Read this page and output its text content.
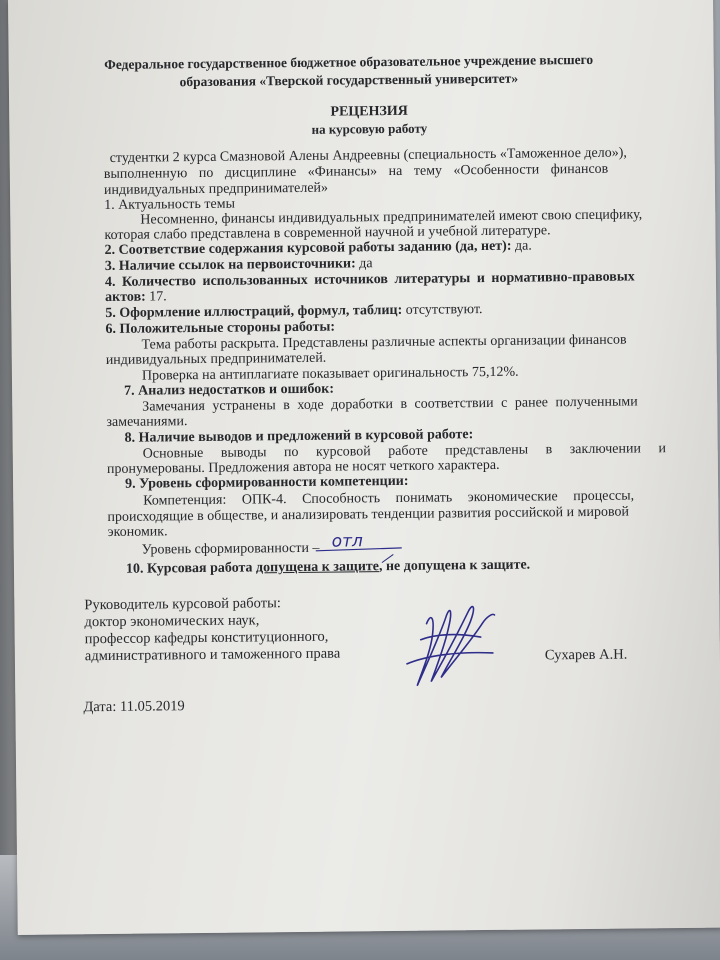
Федеральное государственное бюджетное образовательное учреждение высшего
образования «Тверской государственный университет»
РЕЦЕНЗИЯ
на курсовую работу
студентки 2 курса Смазновой Алены Андреевны (специальность «Таможенное дело»),
выполненную по дисциплине «Финансы» на тему «Особенности финансов
индивидуальных предпринимателей»
1. Актуальность темы
Несомненно, финансы индивидуальных предпринимателей имеют свою специфику,
которая слабо представлена в современной научной и учебной литературе.
2. Соответствие содержания курсовой работы заданию (да, нет): да.
3. Наличие ссылок на первоисточники: да
4. Количество использованных источников литературы и нормативно-правовых
актов: 17.
5. Оформление иллюстраций, формул, таблиц: отсутствуют.
6. Положительные стороны работы:
Тема работы раскрыта. Представлены различные аспекты организации финансов
индивидуальных предпринимателей.
Проверка на антиплагиате показывает оригинальность 75,12%.
7. Анализ недостатков и ошибок:
Замечания устранены в ходе доработки в соответствии с ранее полученными
замечаниями.
8. Наличие выводов и предложений в курсовой работе:
Основные выводы по курсовой работе представлены в заключении и
пронумерованы. Предложения автора не носят четкого характера.
9. Уровень сформированности компетенции:
Компетенция: ОПК-4. Способность понимать экономические процессы,
происходящие в обществе, и анализировать тенденции развития российской и мировой
экономик.
Уровень сформированности – отл
10. Курсовая работа допущена к защите, не допущена к защите.
Руководитель курсовой работы:
доктор экономических наук,
профессор кафедры конституционного,
административного и таможенного права	Сухарев А.Н.
Дата: 11.05.2019
